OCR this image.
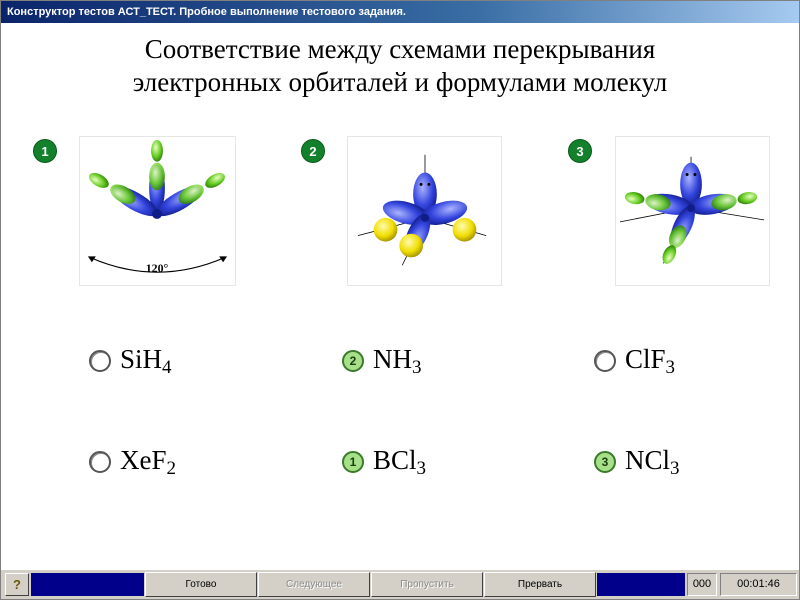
Конструктор тестов АСТ_ТЕСТ. Пробное выполнение тестового задания.
Соответствие между схемами перекрывания
электронных орбиталей и формулами молекул
1
120°
2	3
SiH$_4$	2 $NH_3$	ClF$_3$
XeF$_2$	1 BCl$_3$	3 NCl$_3$
?	Готово	Следующее	Пропустить	Прервать	000	00:01:46
